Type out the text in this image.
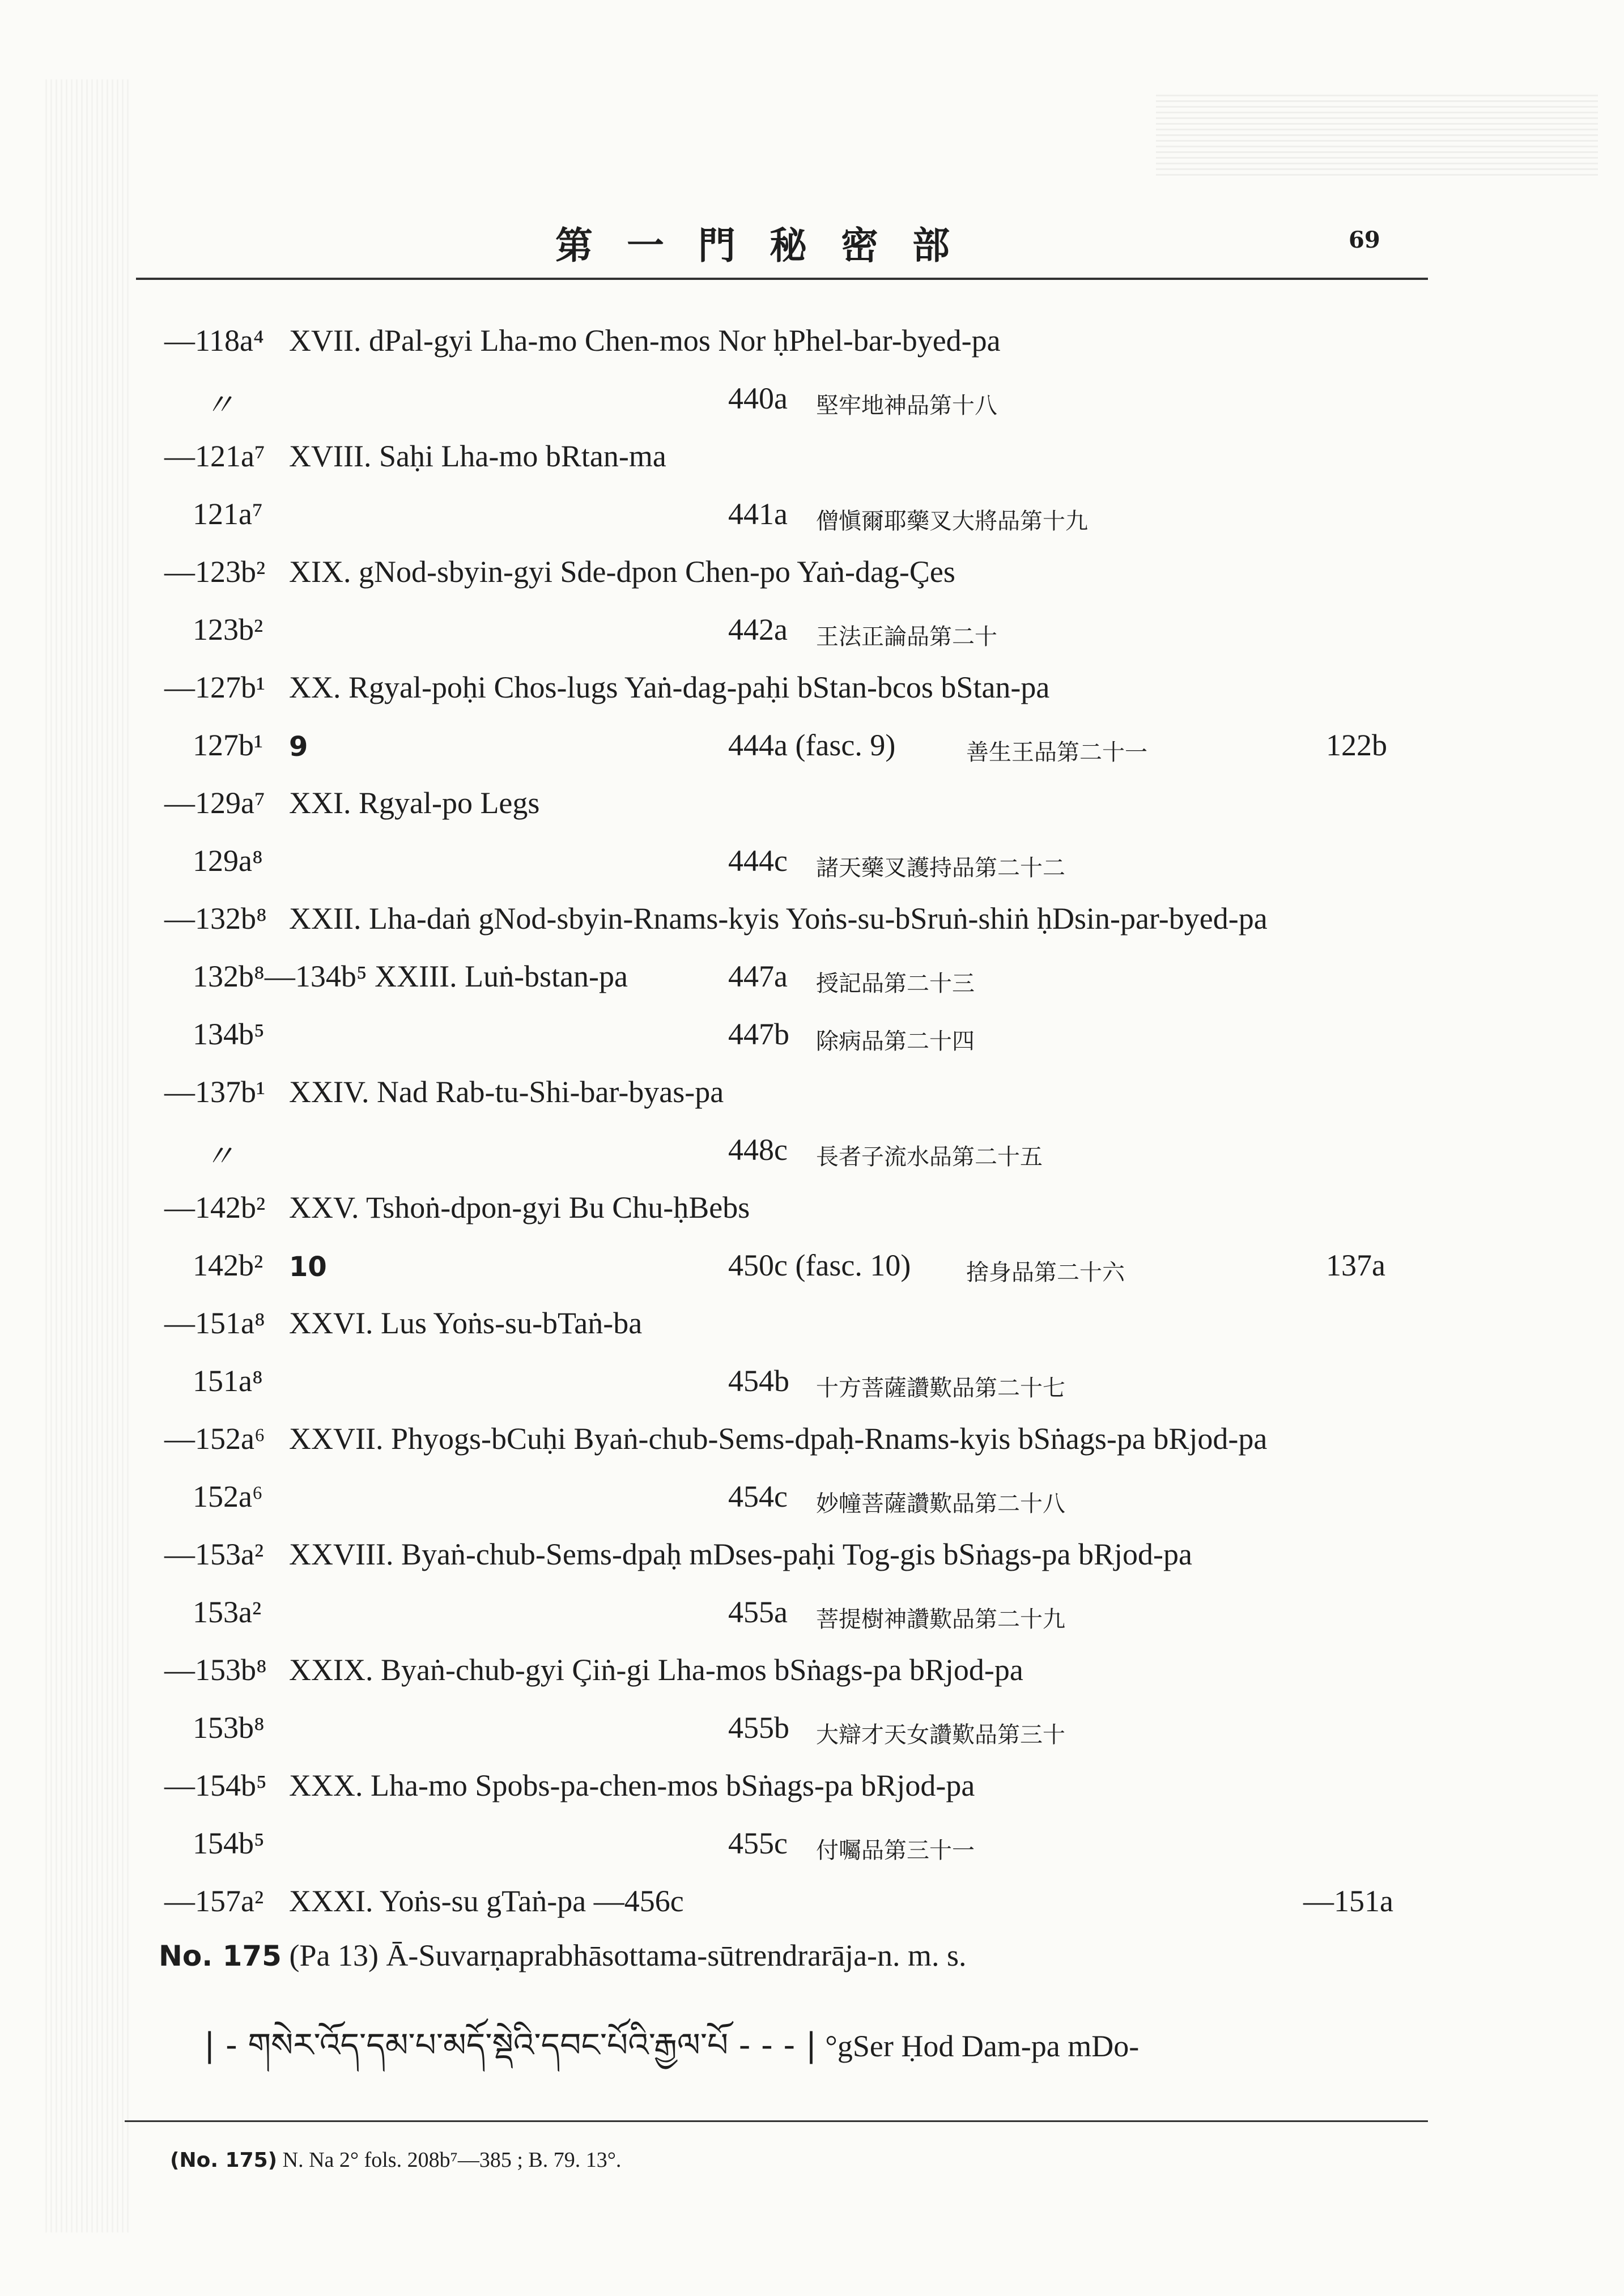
第一門秘密部	69
—118a⁴ XVII. dPal-gyi Lha-mo Chen-mos Nor ḥPhel-bar-byed-pa
〃	440a 堅牢地神品第十八
—121a⁷ XVIII. Saḥi Lha-mo bRtan-ma
121a⁷	441a 僧愼爾耶藥叉大將品第十九
—123b² XIX. gNod-sbyin-gyi Sde-dpon Chen-po Yaṅ-dag-Çes
123b²	442a 王法正論品第二十
—127b¹ XX. Rgyal-poḥi Chos-lugs Yaṅ-dag-paḥi bStan-bcos bStan-pa
127b¹ 9	444a (fasc. 9)	善生王品第二十一	122b
—129a⁷ XXI. Rgyal-po Legs
129a⁸	444c 諸天藥叉護持品第二十二
—132b⁸ XXII. Lha-daṅ gNod-sbyin-Rnams-kyis Yoṅs-su-bSruṅ-shiṅ ḥDsin-par-byed-pa
132b⁸—134b⁵ XXIII. Luṅ-bstan-pa	447a 授記品第二十三
134b⁵	447b 除病品第二十四
—137b¹ XXIV. Nad Rab-tu-Shi-bar-byas-pa
〃	448c 長者子流水品第二十五
—142b² XXV. Tshoṅ-dpon-gyi Bu Chu-ḥBebs
142b² 10	450c (fasc. 10) 捨身品第二十六	137a
—151a⁸ XXVI. Lus Yoṅs-su-bTaṅ-ba
151a⁸	454b 十方菩薩讚歎品第二十七
—152a⁶ XXVII. Phyogs-bCuḥi Byaṅ-chub-Sems-dpaḥ-Rnams-kyis bSṅags-pa bRjod-pa
152a⁶	454c 妙幢菩薩讚歎品第二十八
—153a² XXVIII. Byaṅ-chub-Sems-dpaḥ mDses-paḥi Tog-gis bSṅags-pa bRjod-pa
153a²	455a 菩提樹神讚歎品第二十九
—153b⁸ XXIX. Byaṅ-chub-gyi Çiṅ-gi Lha-mos bSṅags-pa bRjod-pa
153b⁸	455b 大辯才天女讚歎品第三十
—154b⁵ XXX. Lha-mo Spobs-pa-chen-mos bSṅags-pa bRjod-pa
154b⁵	455c 付囑品第三十一
—157a² XXXI. Yoṅs-su gTaṅ-pa —456c	—151a
No. 175 (Pa 13) Ā-Suvarṇaprabhāsottama-sūtrendrarāja-n. m. s.
| - གསེར་འོད་དམ་པ་མདོ་སྡེའི་དབང་པོའི་རྒྱལ་པོ - - - | °gSer Ḥod Dam-pa mDo-
(No. 175) N. Na 2° fols. 208b⁷—385 ; B. 79. 13°.
